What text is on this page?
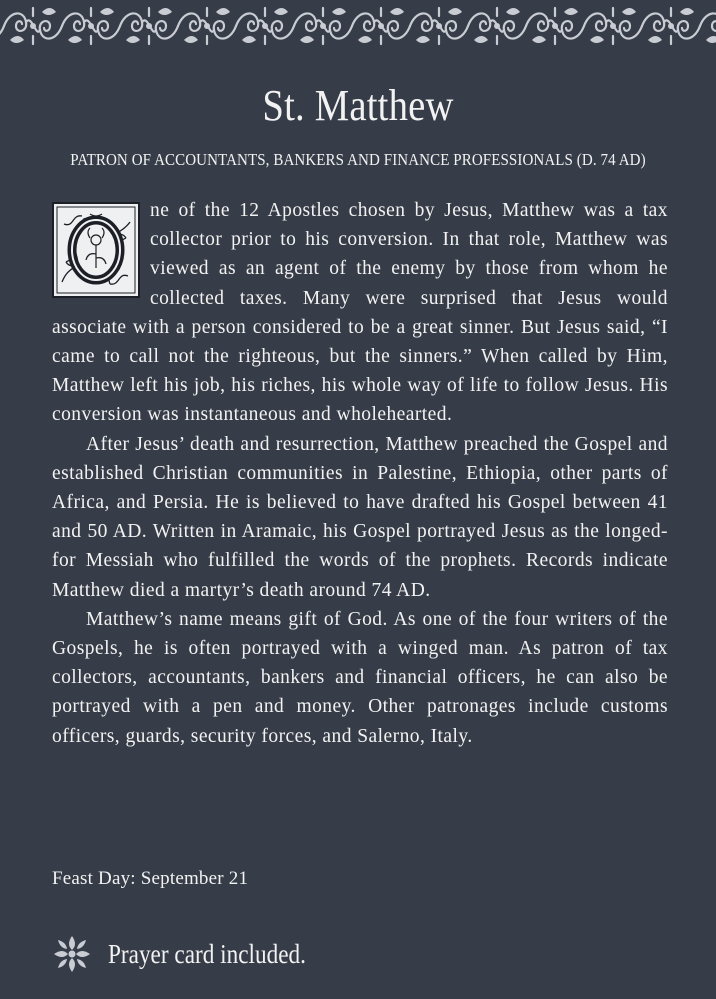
St. Matthew
PATRON OF ACCOUNTANTS, BANKERS AND FINANCE PROFESSIONALS (D. 74 AD)

ne of the 12 Apostles chosen by Jesus, Matthew was a tax collector prior to his conversion. In that role, Matthew was viewed as an agent of the enemy by those from whom he collected taxes. Many were surprised that Jesus would associate with a person considered to be a great sinner. But Jesus said, “I came to call not the righteous, but the sinners.” When called by Him, Matthew left his job, his riches, his whole way of life to follow Jesus. His conversion was instantaneous and wholehearted.

After Jesus’ death and resurrection, Matthew preached the Gospel and established Christian communities in Palestine, Ethiopia, other parts of Africa, and Persia. He is believed to have drafted his Gospel between 41 and 50 AD. Written in Aramaic, his Gospel portrayed Jesus as the longed-for Messiah who fulfilled the words of the prophets. Records indicate Matthew died a martyr’s death around 74 AD.

Matthew’s name means gift of God. As one of the four writers of the Gospels, he is often portrayed with a winged man. As patron of tax collectors, accountants, bankers and financial officers, he can also be portrayed with a pen and money. Other patronages include customs officers, guards, security forces, and Salerno, Italy.

Feast Day: September 21
Prayer card included.
